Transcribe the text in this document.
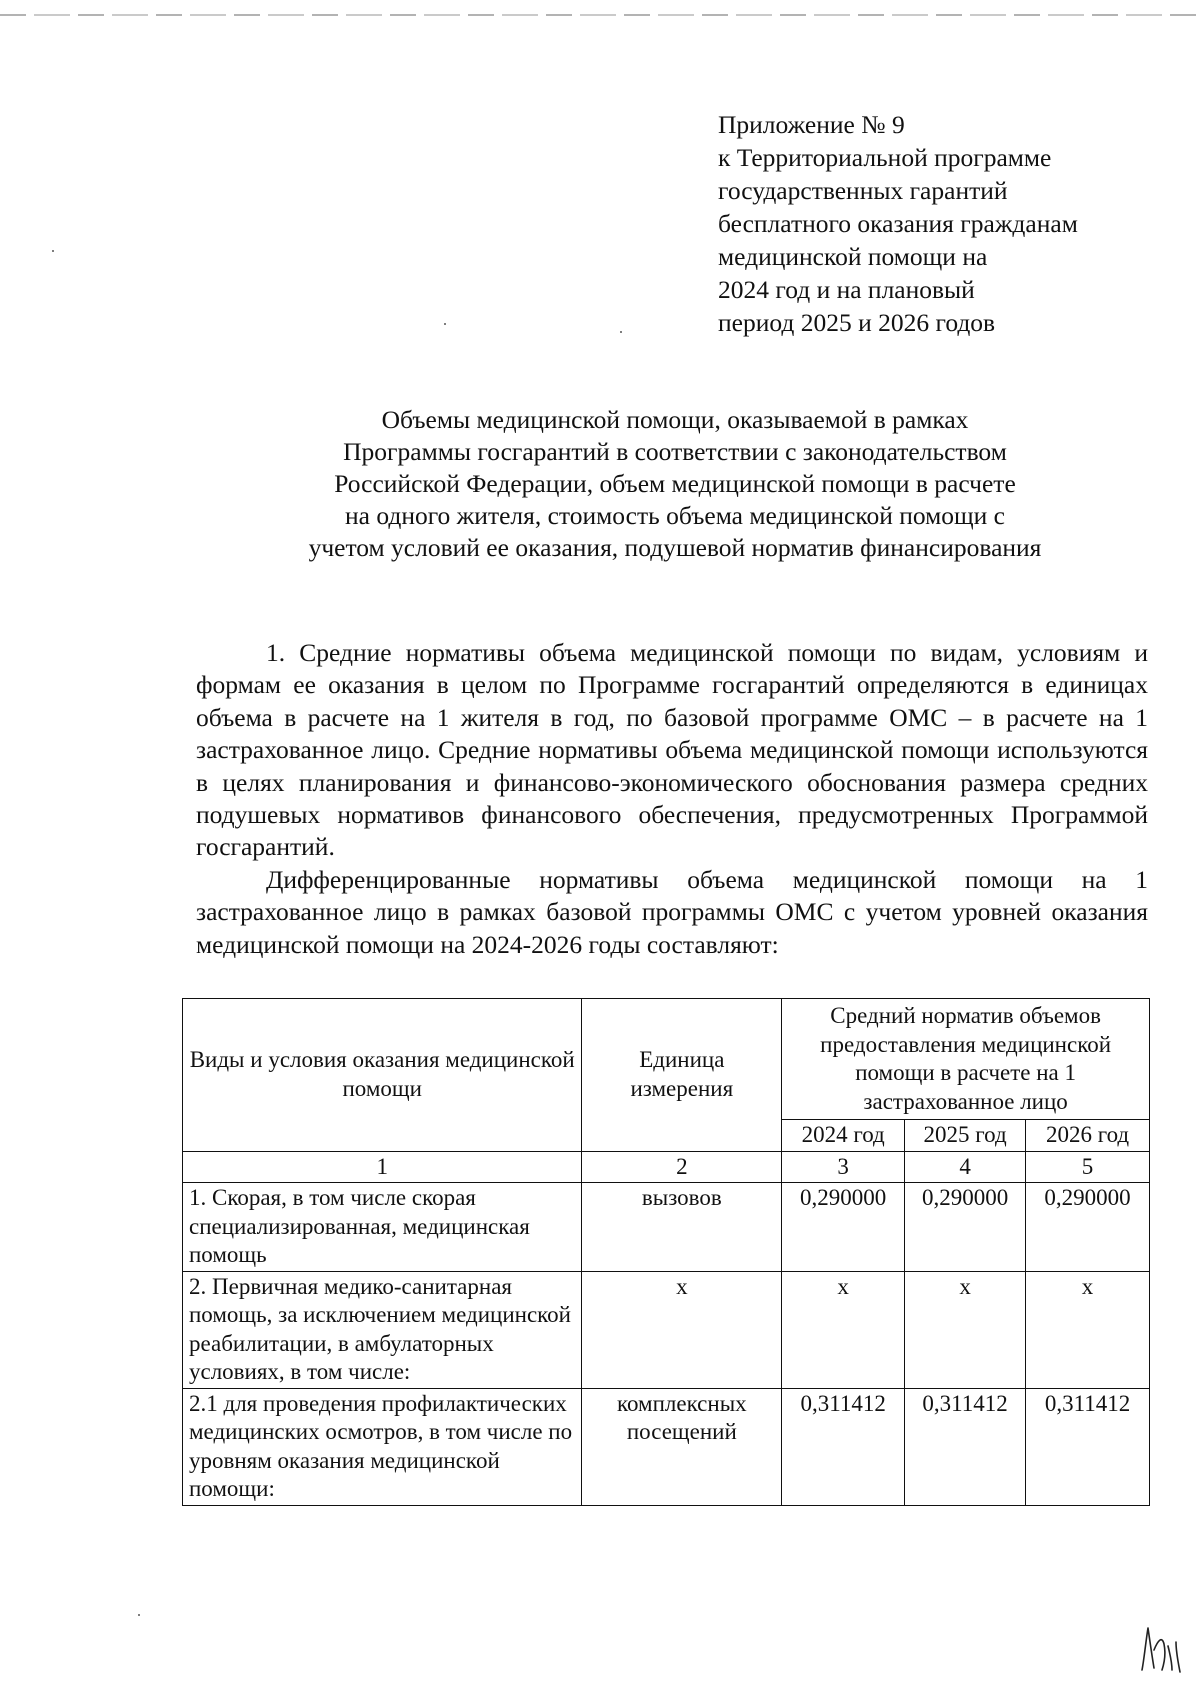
Приложение № 9
к Территориальной программе
государственных гарантий
бесплатного оказания гражданам
медицинской помощи на
2024 год и на плановый
период 2025 и 2026 годов
Объемы медицинской помощи, оказываемой в рамках
Программы госгарантий в соответствии с законодательством
Российской Федерации, объем медицинской помощи в расчете
на одного жителя, стоимость объема медицинской помощи с
учетом условий ее оказания, подушевой норматив финансирования

1. Средние нормативы объема медицинской помощи по видам, условиям и формам ее оказания в целом по Программе госгарантий определяются в единицах объема в расчете на 1 жителя в год, по базовой программе ОМС – в расчете на 1 застрахованное лицо. Средние нормативы объема медицинской помощи используются в целях планирования и финансово-экономического обоснования размера средних подушевых нормативов финансового обеспечения, предусмотренных Программой госгарантий.

Дифференцированные нормативы объема медицинской помощи на 1 застрахованное лицо в рамках базовой программы ОМС с учетом уровней оказания медицинской помощи на 2024-2026 годы составляют:

Виды и условия оказания медицинской помощи	Единица измерения	Средний норматив объемов предоставления медицинской помощи в расчете на 1 застрахованное лицо		
		2024 год	2025 год	2026 год
1	2	3	4	5
1. Скорая, в том числе скорая специализированная, медицинская помощь	вызовов	0,290000	0,290000	0,290000
2. Первичная медико-санитарная помощь, за исключением медицинской реабилитации, в амбулаторных условиях, в том числе:	х	х	х	х
2.1 для проведения профилактических медицинских осмотров, в том числе по уровням оказания медицинской помощи:	комплексных посещений	0,311412	0,311412	0,311412
